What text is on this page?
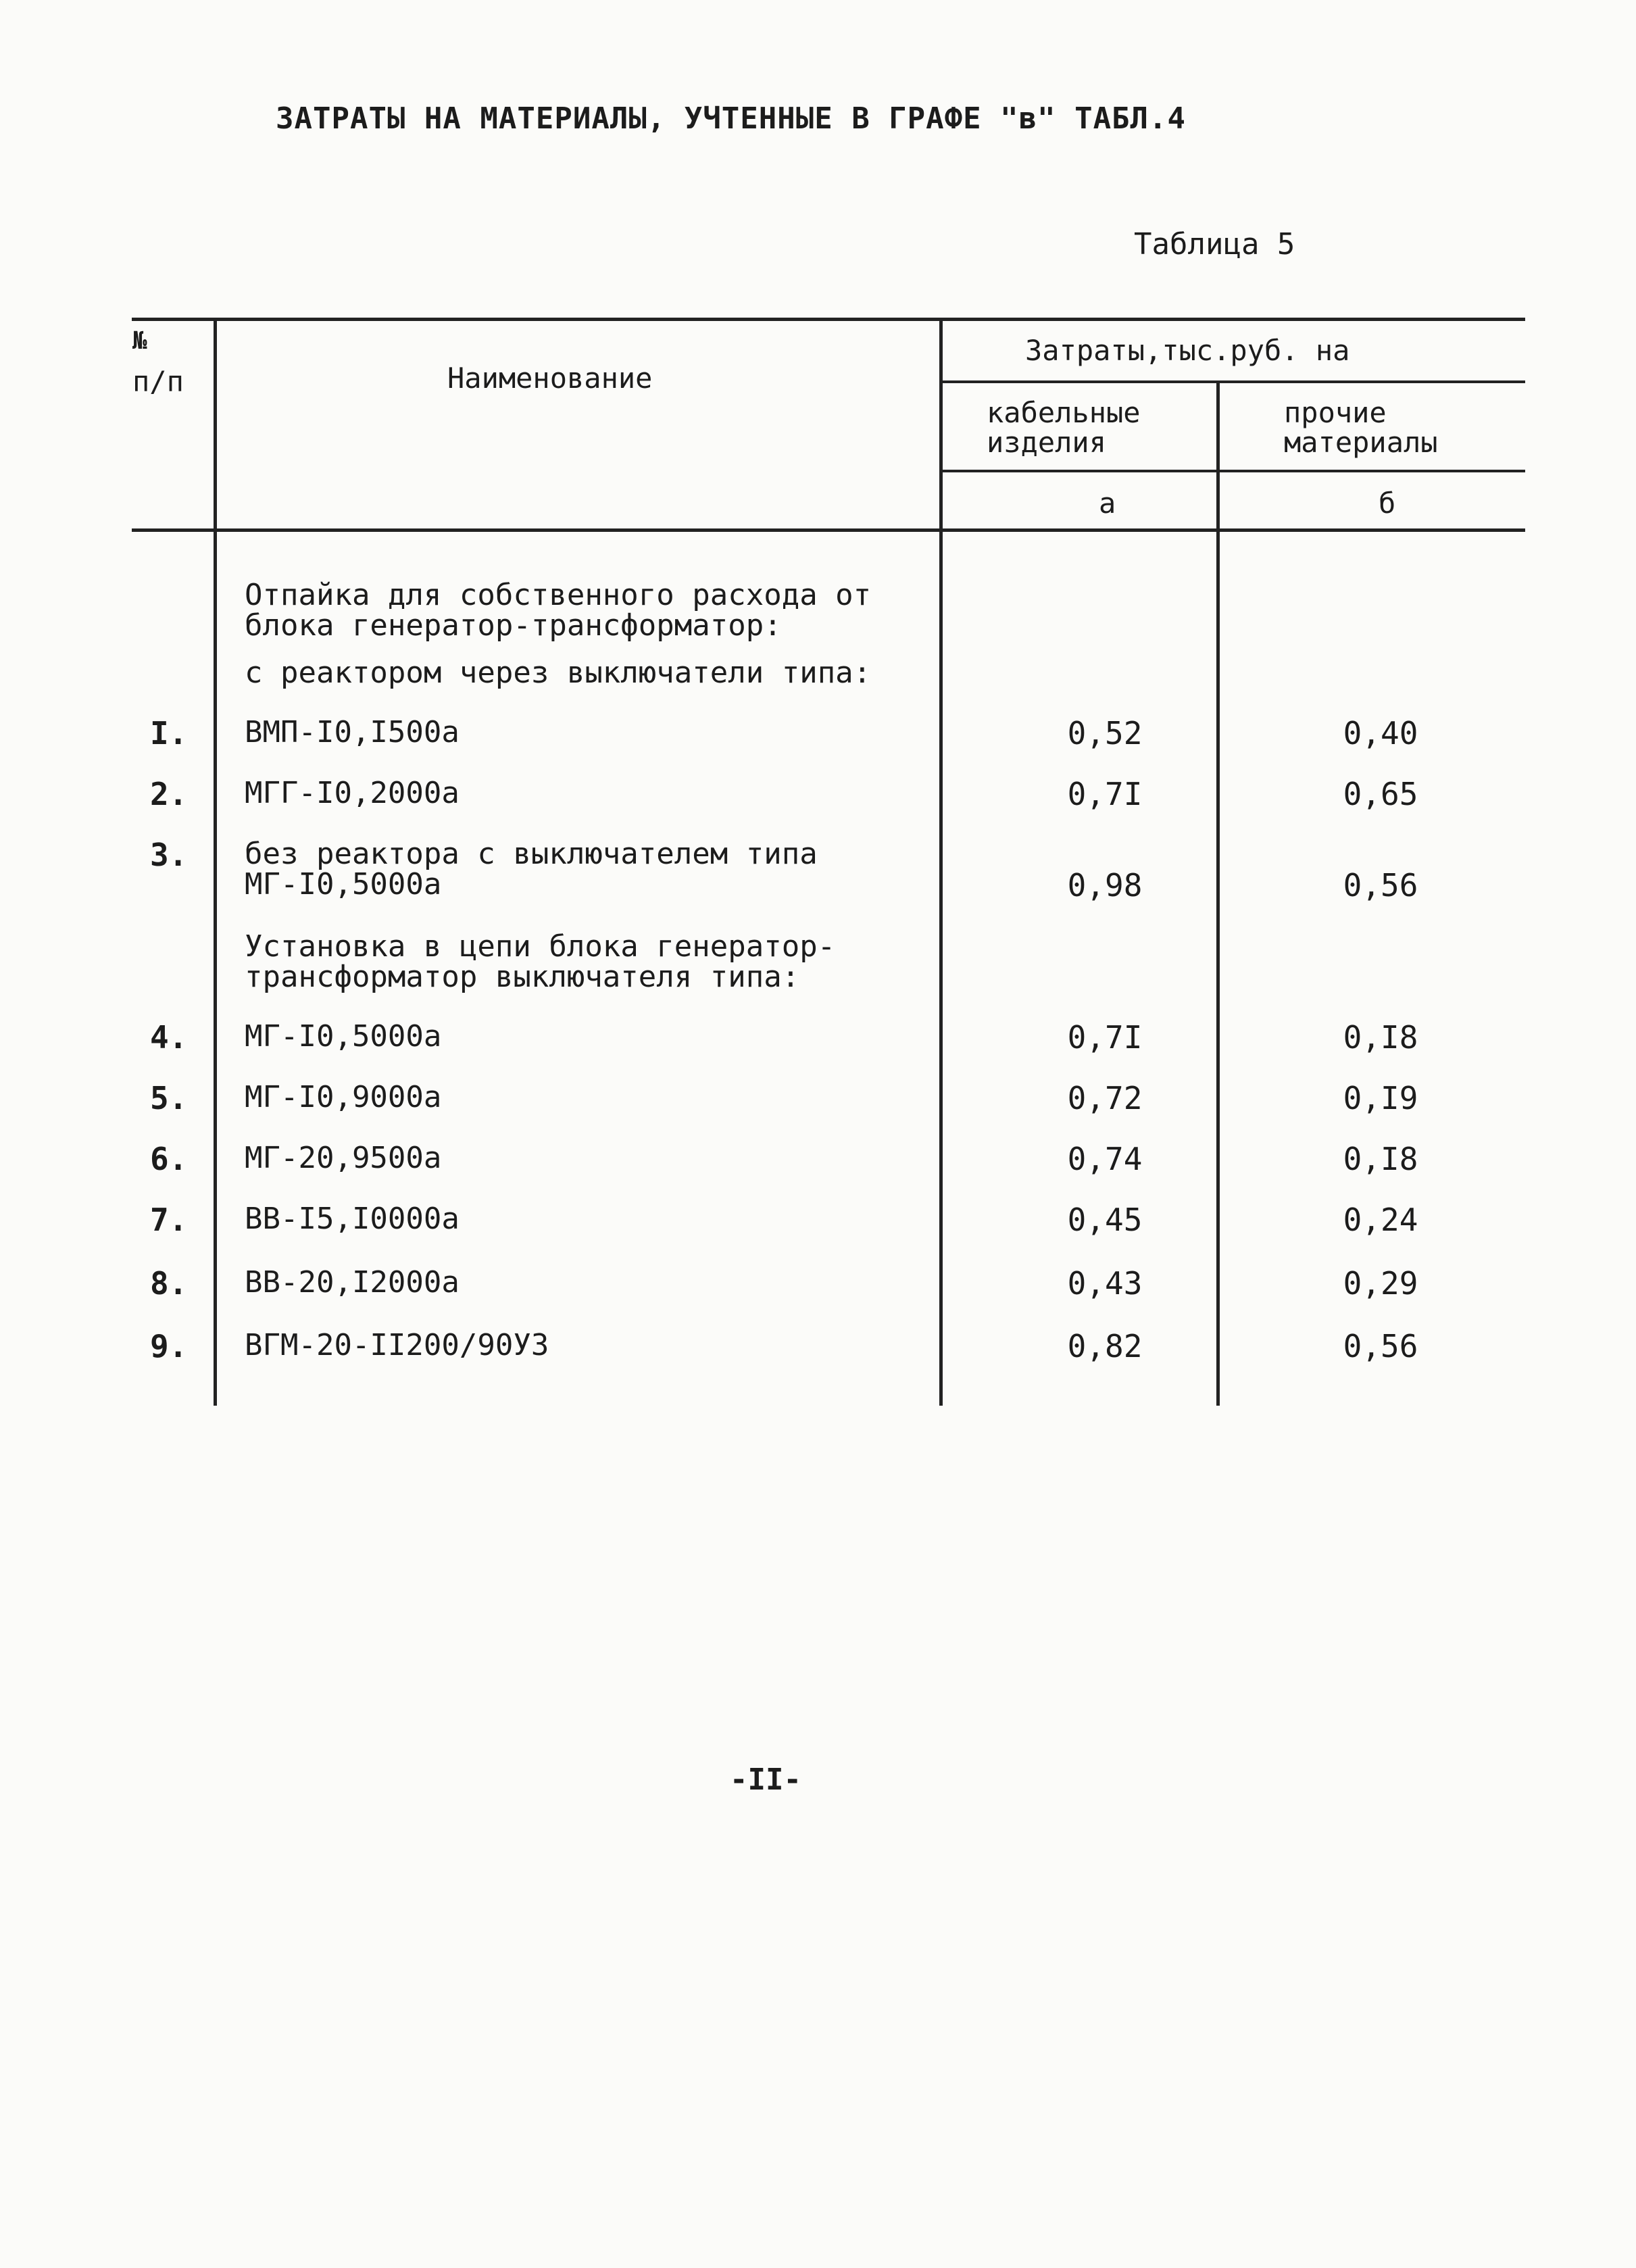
ЗАТРАТЫ НА МАТЕРИАЛЫ, УЧТЕННЫЕ В ГРАФЕ "в" ТАБЛ.4
Таблица 5
№
п/п	Наименование
Затраты,тыс.руб. на
кабельные
изделия
прочие
материалы
а	б
Отпайка для собственного расхода от
блока генератор-трансформатор:
с реактором через выключатели типа:
I. ВМП-I0,I500а	0,52	0,40
2. МГГ-I0,2000а	0,7I	0,65
3. без реактора с выключателем типа
МГ-I0,5000а	0,98	0,56
Установка в цепи блока генератор-
трансформатор выключателя типа:
4. МГ-I0,5000а	0,7I	0,I8
5. МГ-I0,9000а	0,72	0,I9
6. МГ-20,9500а	0,74	0,I8
7. ВВ-I5,I0000а	0,45	0,24
8. ВВ-20,I2000а	0,43	0,29
9. ВГМ-20-II200/90У3	0,82	0,56
-II-
